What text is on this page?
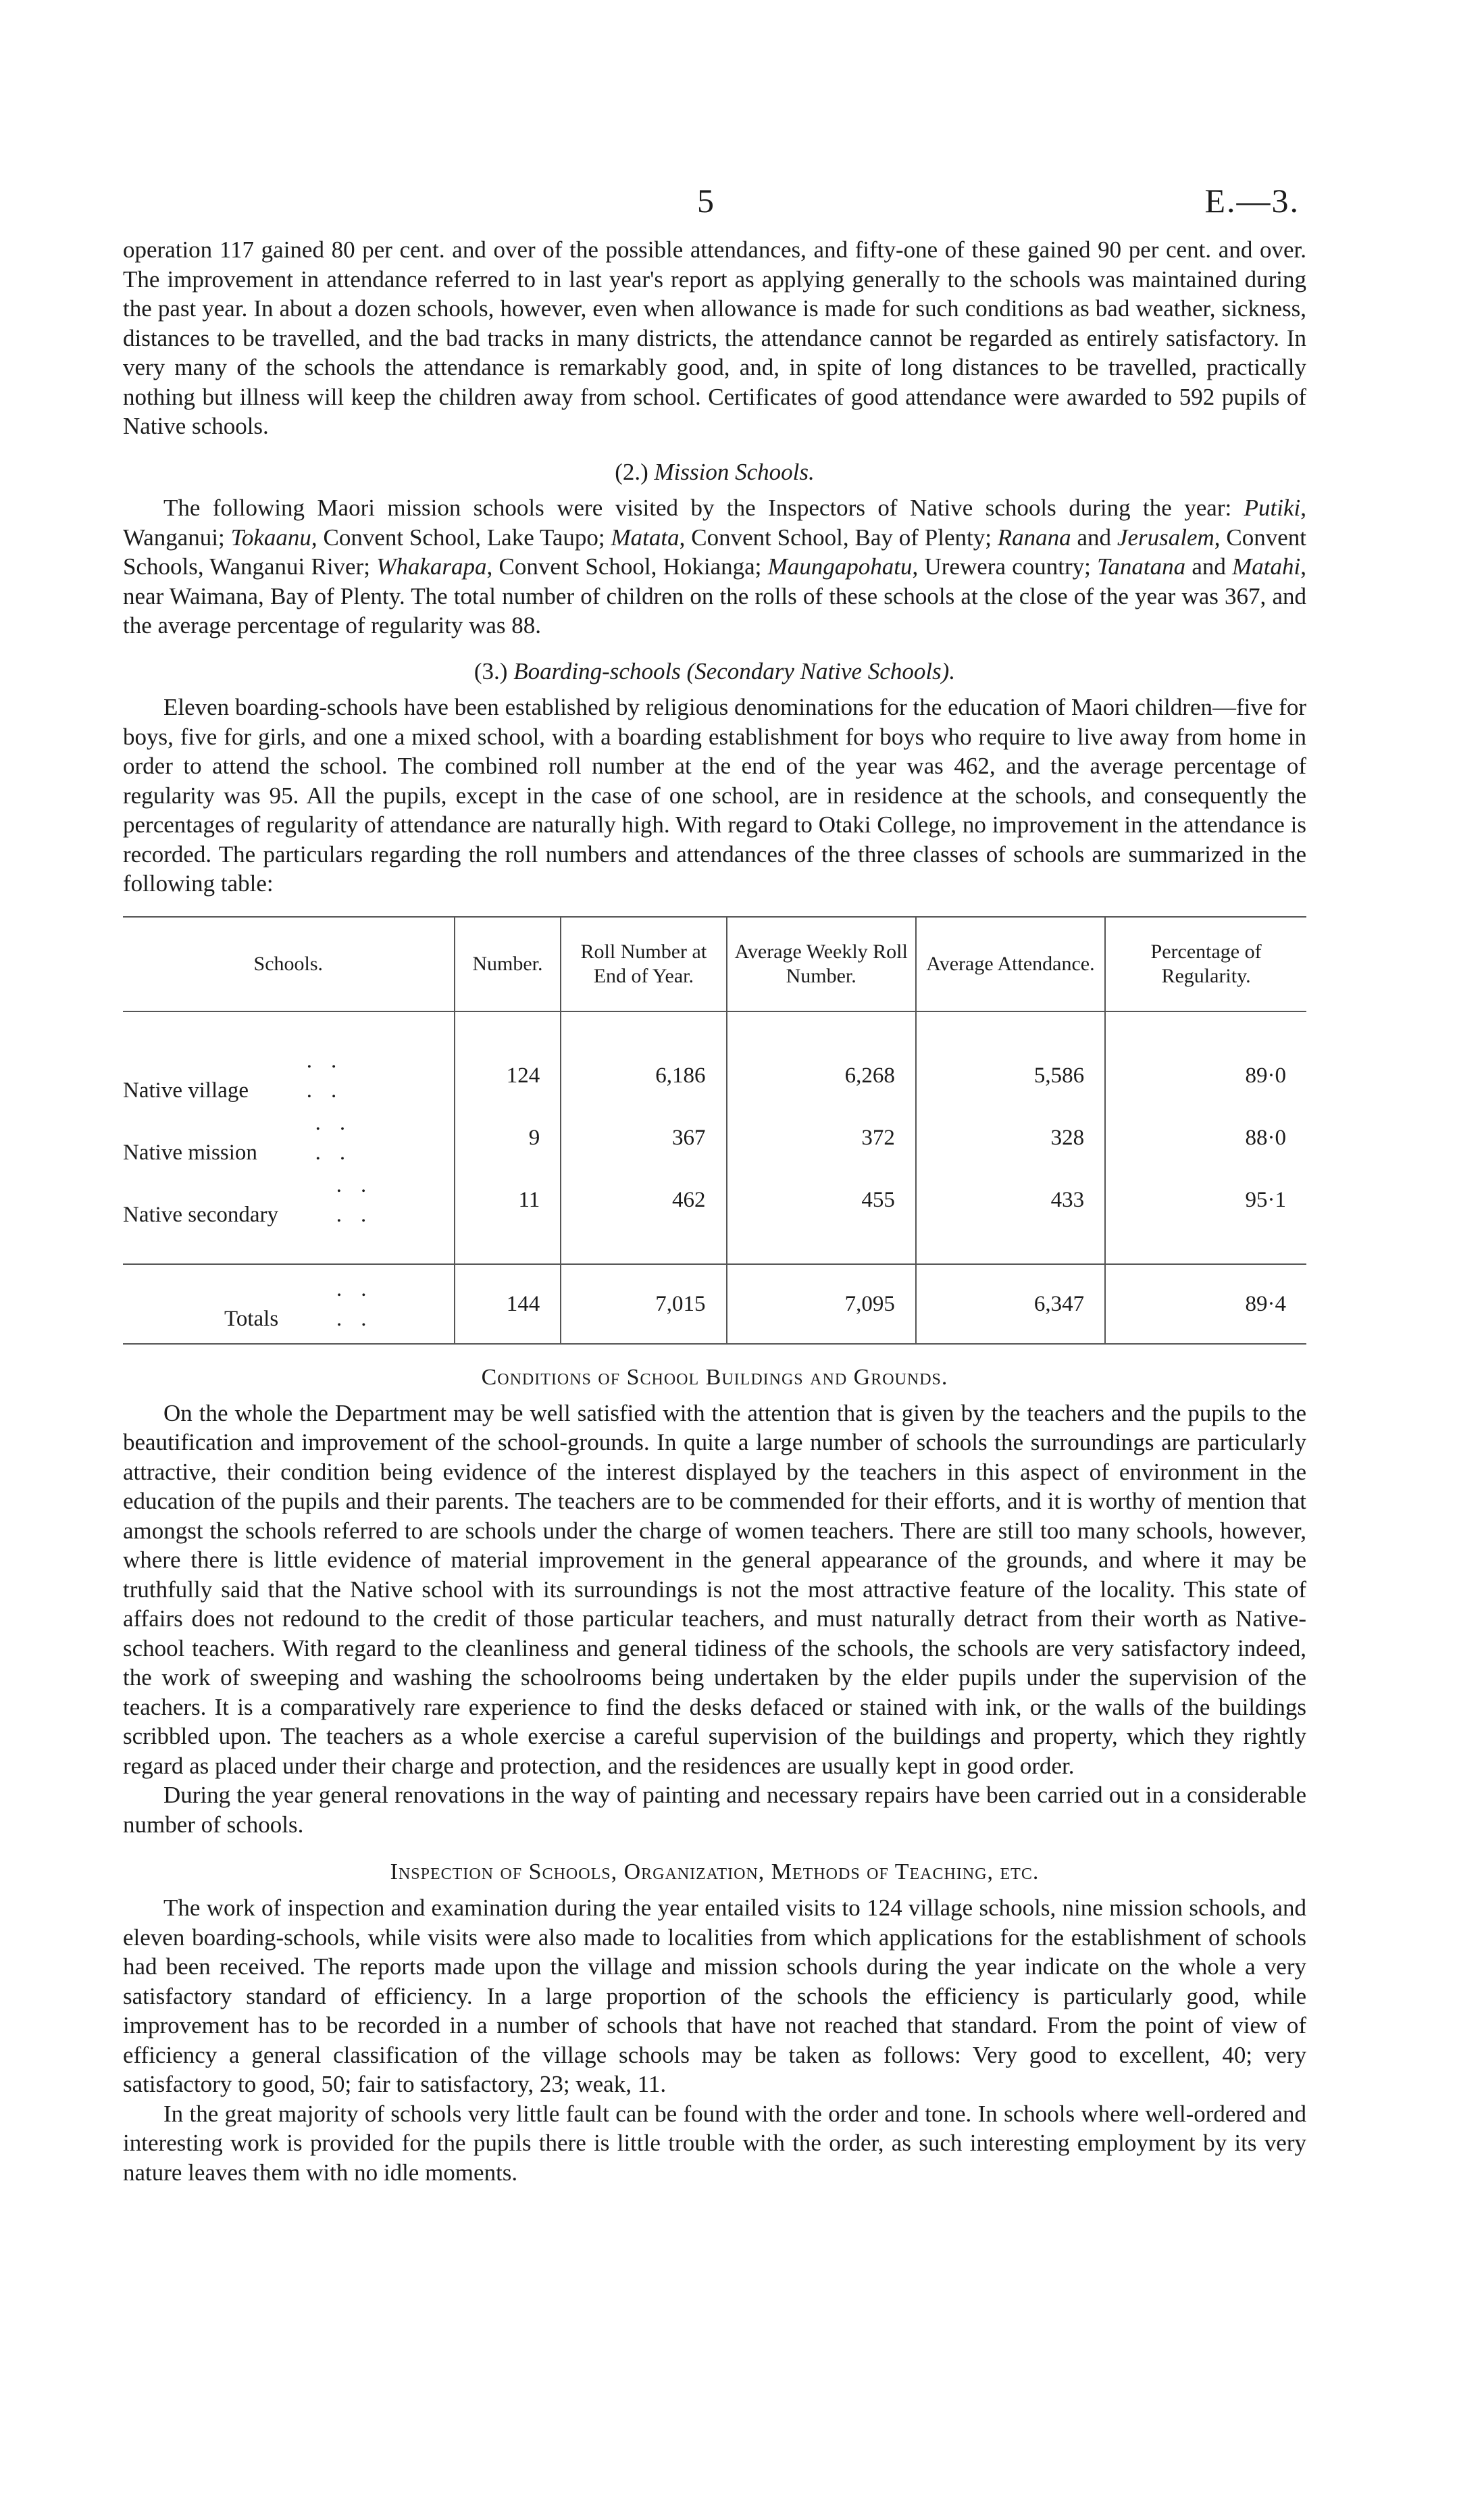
5	E.—3.

operation 117 gained 80 per cent. and over of the possible attendances, and fifty-one of these gained 90 per cent. and over. The improvement in attendance referred to in last year's report as applying generally to the schools was maintained during the past year. In about a dozen schools, however, even when allowance is made for such conditions as bad weather, sickness, distances to be travelled, and the bad tracks in many districts, the attendance cannot be regarded as entirely satisfactory. In very many of the schools the attendance is remarkably good, and, in spite of long distances to be travelled, practically nothing but illness will keep the children away from school. Certificates of good attendance were awarded to 592 pupils of Native schools.

(2.) Mission Schools.

The following Maori mission schools were visited by the Inspectors of Native schools during the year: Putiki, Wanganui; Tokaanu, Convent School, Lake Taupo; Matata, Convent School, Bay of Plenty; Ranana and Jerusalem, Convent Schools, Wanganui River; Whakarapa, Convent School, Hokianga; Maungapohatu, Urewera country; Tanatana and Matahi, near Waimana, Bay of Plenty. The total number of children on the rolls of these schools at the close of the year was 367, and the average percentage of regularity was 88.

(3.) Boarding-schools (Secondary Native Schools).

Eleven boarding-schools have been established by religious denominations for the education of Maori children—five for boys, five for girls, and one a mixed school, with a boarding establishment for boys who require to live away from home in order to attend the school. The combined roll number at the end of the year was 462, and the average percentage of regularity was 95. All the pupils, except in the case of one school, are in residence at the schools, and consequently the percentages of regularity of attendance are naturally high. With regard to Otaki College, no improvement in the attendance is recorded. The particulars regarding the roll numbers and attendances of the three classes of schools are summarized in the following table:

Schools.	Number.	Roll Number at End of Year.	Average Weekly Roll Number.	Average Attendance.	Percentage of Regularity.

Native village .. ..	124	6,186	6,268	5,586	89·0
Native mission .. ..	9	367	372	328	88·0
Native secondary .. ..	11	462	455	433	95·1

Totals .. ..	144	7,015	7,095	6,347	89·4
Conditions of School Buildings and Grounds.

On the whole the Department may be well satisfied with the attention that is given by the teachers and the pupils to the beautification and improvement of the school-grounds. In quite a large number of schools the surroundings are particularly attractive, their condition being evidence of the interest displayed by the teachers in this aspect of environment in the education of the pupils and their parents. The teachers are to be commended for their efforts, and it is worthy of mention that amongst the schools referred to are schools under the charge of women teachers. There are still too many schools, however, where there is little evidence of material improvement in the general appearance of the grounds, and where it may be truthfully said that the Native school with its surroundings is not the most attractive feature of the locality. This state of affairs does not redound to the credit of those particular teachers, and must naturally detract from their worth as Native-school teachers. With regard to the cleanliness and general tidiness of the schools, the schools are very satisfactory indeed, the work of sweeping and washing the schoolrooms being undertaken by the elder pupils under the supervision of the teachers. It is a comparatively rare experience to find the desks defaced or stained with ink, or the walls of the buildings scribbled upon. The teachers as a whole exercise a careful supervision of the buildings and property, which they rightly regard as placed under their charge and protection, and the residences are usually kept in good order.

During the year general renovations in the way of painting and necessary repairs have been carried out in a considerable number of schools.

Inspection of Schools, Organization, Methods of Teaching, etc.

The work of inspection and examination during the year entailed visits to 124 village schools, nine mission schools, and eleven boarding-schools, while visits were also made to localities from which applications for the establishment of schools had been received. The reports made upon the village and mission schools during the year indicate on the whole a very satisfactory standard of efficiency. In a large proportion of the schools the efficiency is particularly good, while improvement has to be recorded in a number of schools that have not reached that standard. From the point of view of efficiency a general classification of the village schools may be taken as follows: Very good to excellent, 40; very satisfactory to good, 50; fair to satisfactory, 23; weak, 11.

In the great majority of schools very little fault can be found with the order and tone. In schools where well-ordered and interesting work is provided for the pupils there is little trouble with the order, as such interesting employment by its very nature leaves them with no idle moments.
